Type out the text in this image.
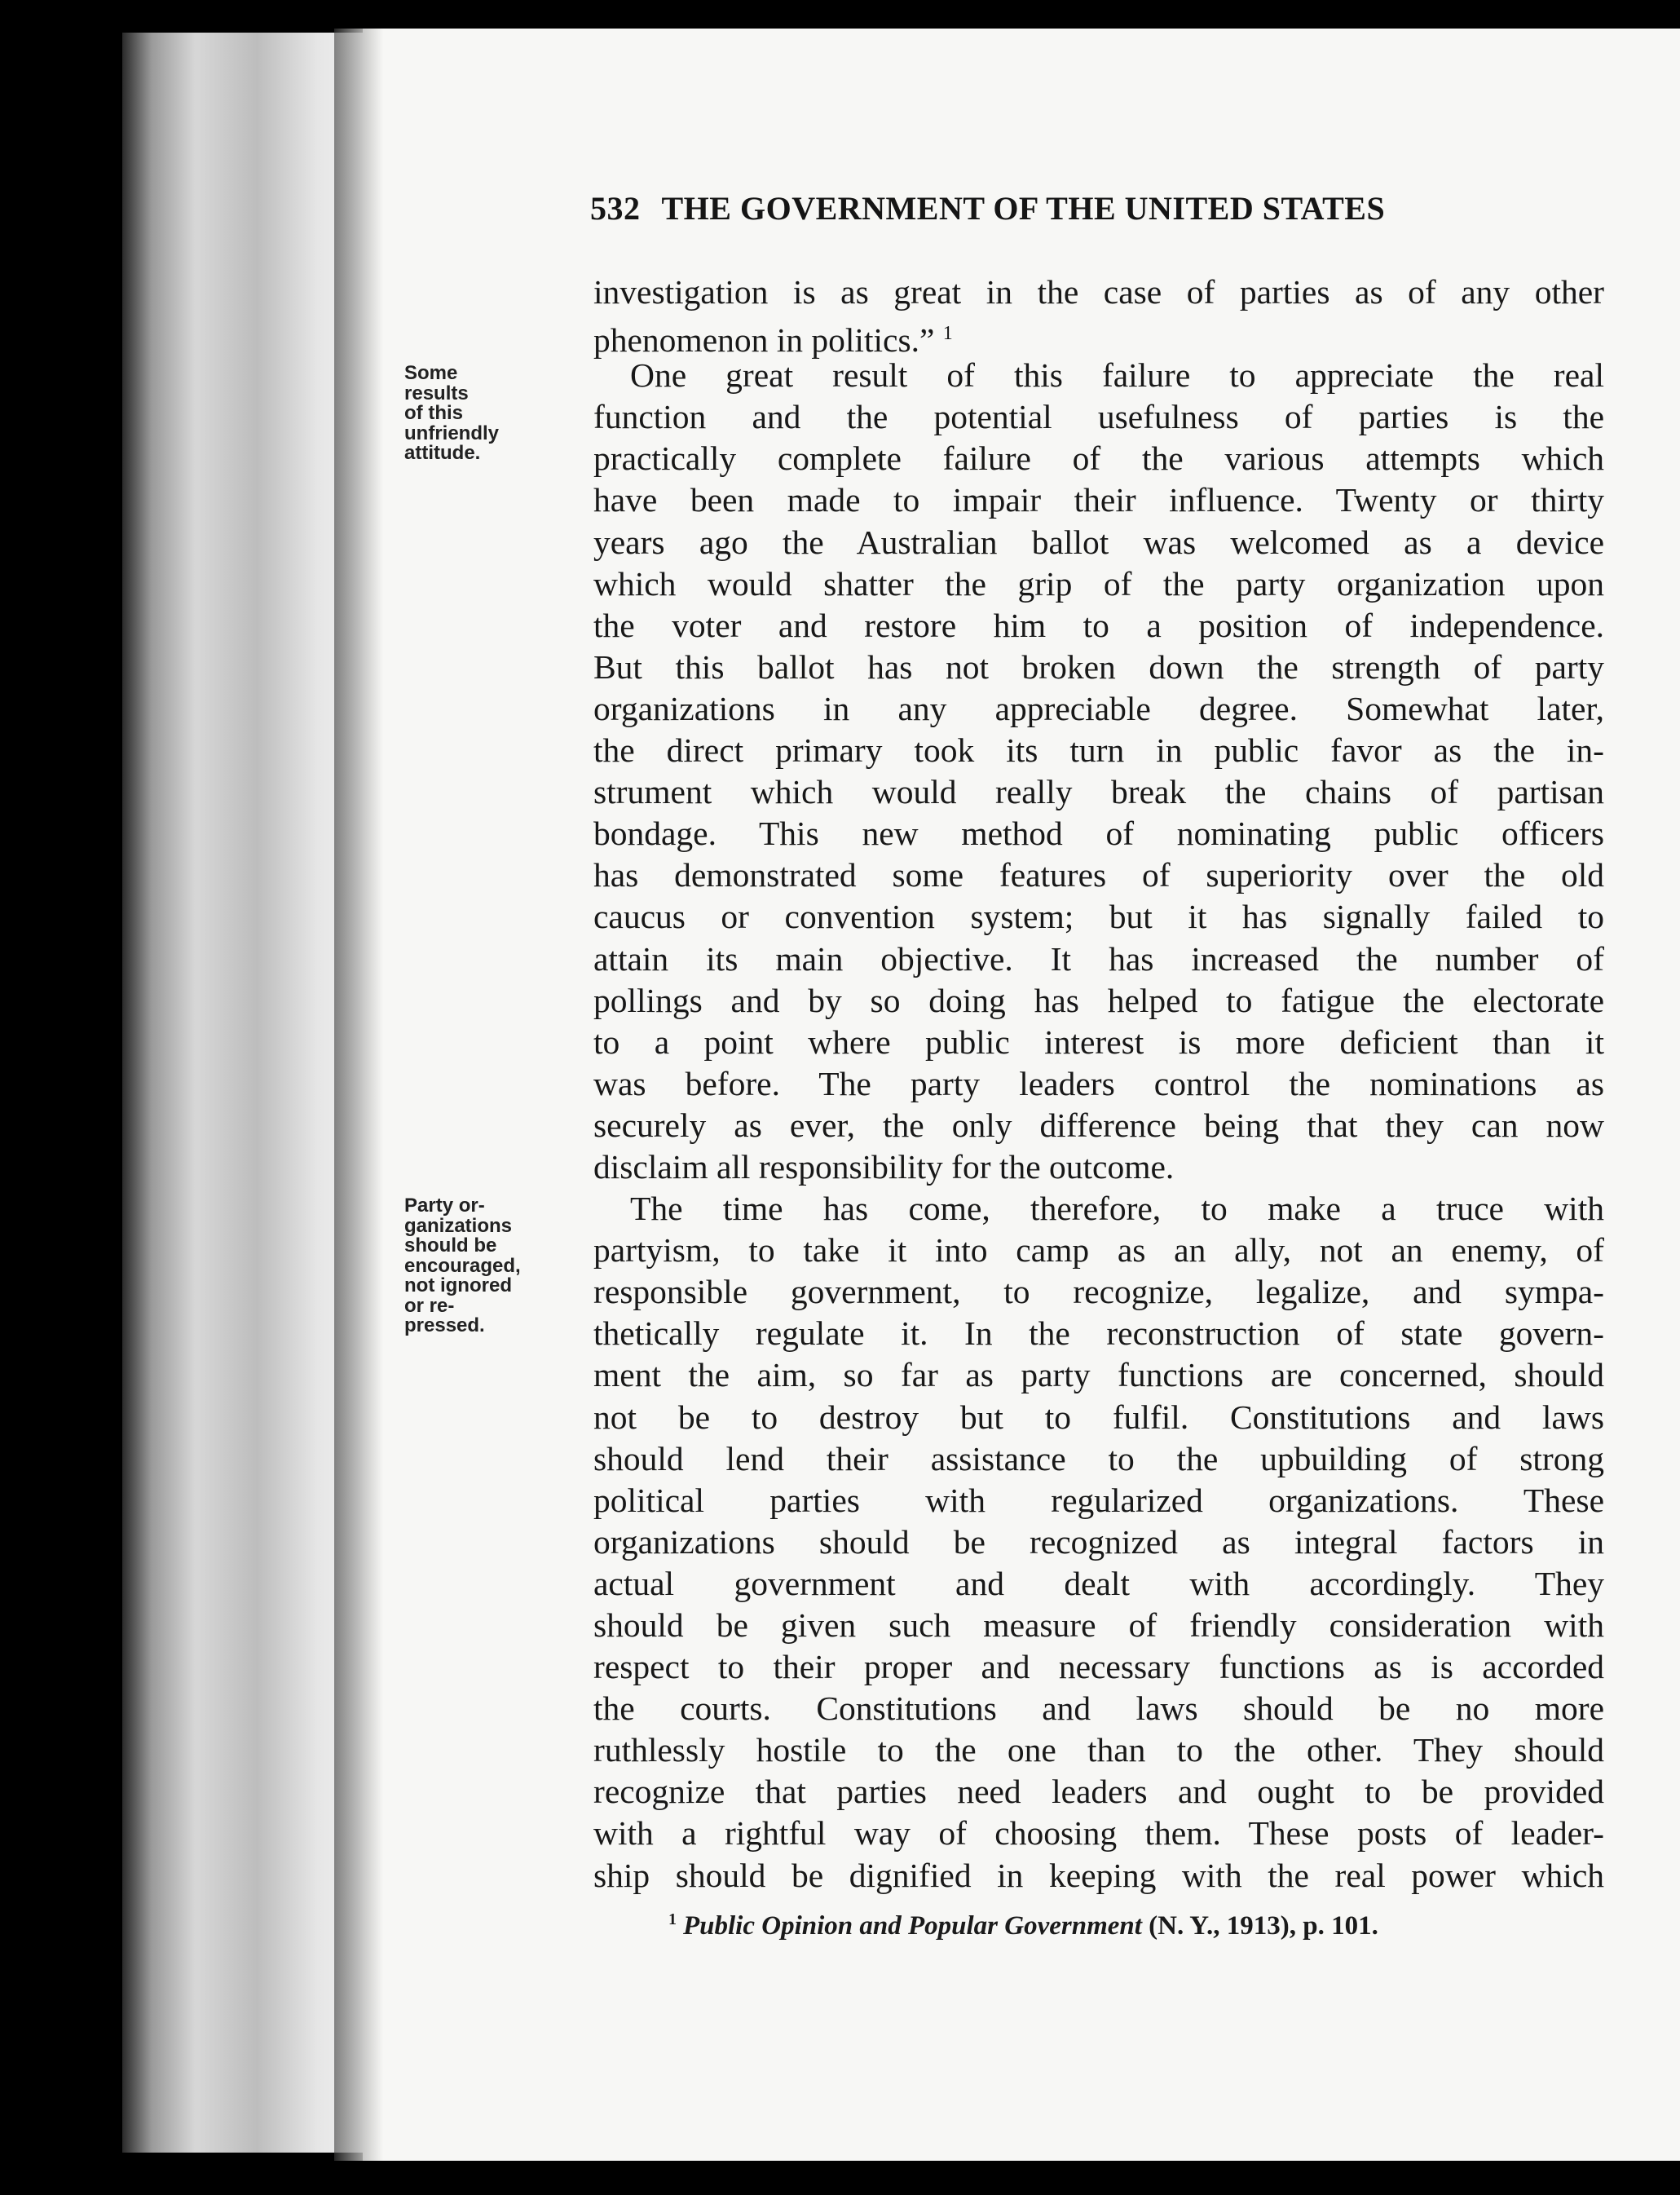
532 THE GOVERNMENT OF THE UNITED STATES
Some
results
of this
unfriendly
attitude.
Party or-
ganizations
should be
encouraged,
not ignored
or re-
pressed.
investigation is as great in the case of parties as of any other
phenomenon in politics.” $^1$
One great result of this failure to appreciate the real
function and the potential usefulness of parties is the
practically complete failure of the various attempts which
have been made to impair their influence. Twenty or thirty
years ago the Australian ballot was welcomed as a device
which would shatter the grip of the party organization upon
the voter and restore him to a position of independence.
But this ballot has not broken down the strength of party
organizations in any appreciable degree. Somewhat later,
the direct primary took its turn in public favor as the in-
strument which would really break the chains of partisan
bondage. This new method of nominating public officers
has demonstrated some features of superiority over the old
caucus or convention system; but it has signally failed to
attain its main objective. It has increased the number of
pollings and by so doing has helped to fatigue the electorate
to a point where public interest is more deficient than it
was before. The party leaders control the nominations as
securely as ever, the only difference being that they can now
disclaim all responsibility for the outcome.
The time has come, therefore, to make a truce with
partyism, to take it into camp as an ally, not an enemy, of
responsible government, to recognize, legalize, and sympa-
thetically regulate it. In the reconstruction of state govern-
ment the aim, so far as party functions are concerned, should
not be to destroy but to fulfil. Constitutions and laws
should lend their assistance to the upbuilding of strong
political parties with regularized organizations. These
organizations should be recognized as integral factors in
actual government and dealt with accordingly. They
should be given such measure of friendly consideration with
respect to their proper and necessary functions as is accorded
the courts. Constitutions and laws should be no more
ruthlessly hostile to the one than to the other. They should
recognize that parties need leaders and ought to be provided
with a rightful way of choosing them. These posts of leader-
ship should be dignified in keeping with the real power which
$^1$ Public Opinion and Popular Government (N. Y., 1913), p. 101.
